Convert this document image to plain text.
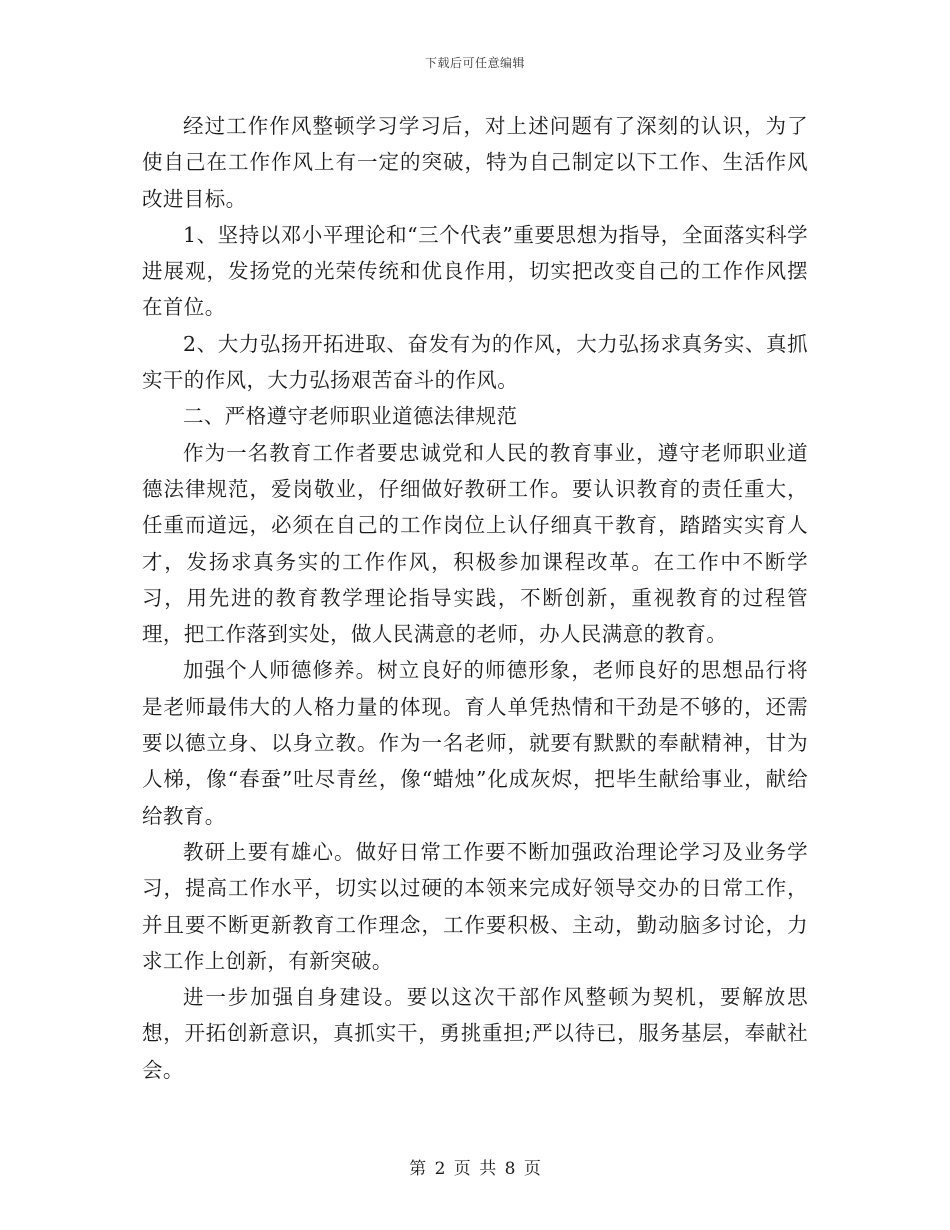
下载后可任意编辑

经过工作作风整顿学习学习后，对上述问题有了深刻的认识，为了使自己在工作作风上有一定的突破，特为自己制定以下工作、生活作风改进目标。

1、坚持以邓小平理论和“三个代表”重要思想为指导，全面落实科学进展观，发扬党的光荣传统和优良作用，切实把改变自己的工作作风摆在首位。

2、大力弘扬开拓进取、奋发有为的作风，大力弘扬求真务实、真抓实干的作风，大力弘扬艰苦奋斗的作风。

二、严格遵守老师职业道德法律规范

作为一名教育工作者要忠诚党和人民的教育事业，遵守老师职业道德法律规范，爱岗敬业，仔细做好教研工作。要认识教育的责任重大，任重而道远，必须在自己的工作岗位上认仔细真干教育，踏踏实实育人才，发扬求真务实的工作作风，积极参加课程改革。在工作中不断学习，用先进的教育教学理论指导实践，不断创新，重视教育的过程管理，把工作落到实处，做人民满意的老师，办人民满意的教育。

加强个人师德修养。树立良好的师德形象，老师良好的思想品行将是老师最伟大的人格力量的体现。育人单凭热情和干劲是不够的，还需要以德立身、以身立教。作为一名老师，就要有默默的奉献精神，甘为人梯，像“春蚕”吐尽青丝，像“蜡烛”化成灰烬，把毕生献给事业，献给给教育。

教研上要有雄心。做好日常工作要不断加强政治理论学习及业务学习，提高工作水平，切实以过硬的本领来完成好领导交办的日常工作，并且要不断更新教育工作理念，工作要积极、主动，勤动脑多讨论，力求工作上创新，有新突破。

进一步加强自身建设。要以这次干部作风整顿为契机，要解放思想，开拓创新意识，真抓实干，勇挑重担;严以待已，服务基层，奉献社会。

第 2 页 共 8 页
